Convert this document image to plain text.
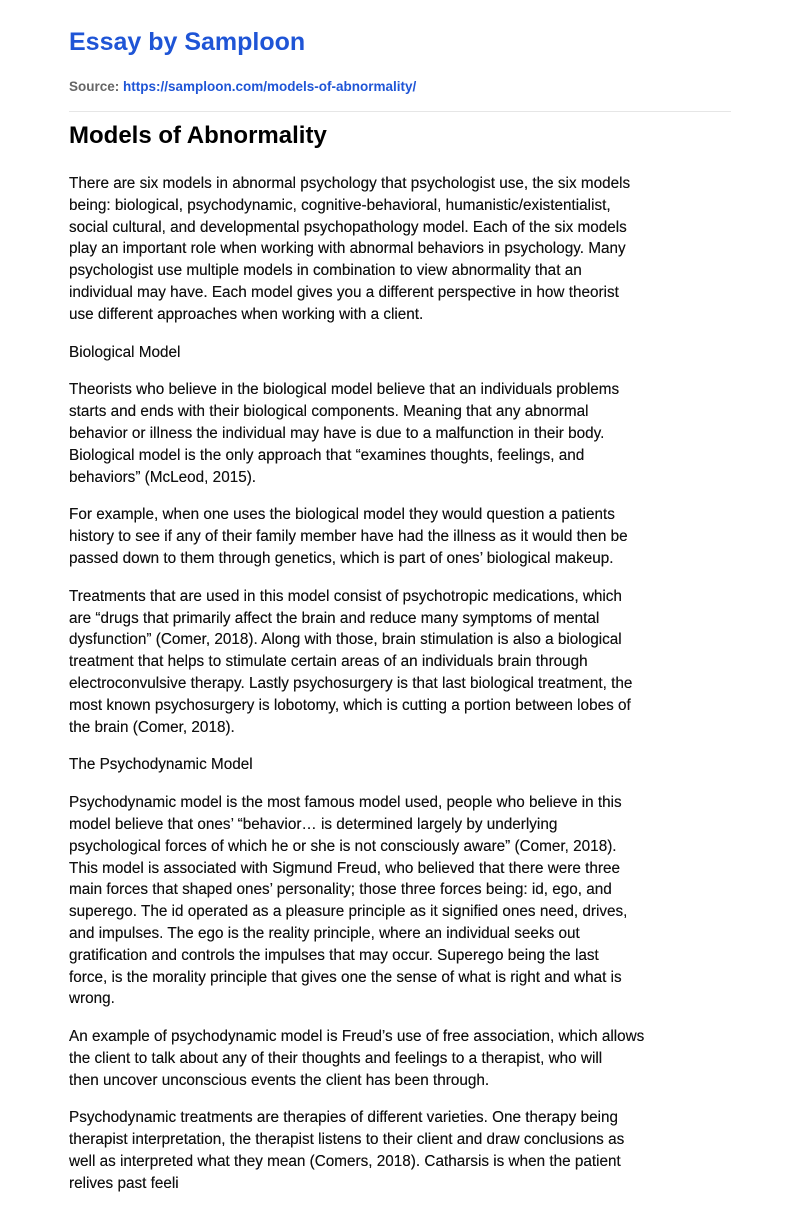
Essay by Samploon
Source: https://samploon.com/models-of-abnormality/
Models of Abnormality

There are six models in abnormal psychology that psychologist use, the six models
being: biological, psychodynamic, cognitive-behavioral, humanistic/existentialist,
social cultural, and developmental psychopathology model. Each of the six models
play an important role when working with abnormal behaviors in psychology. Many
psychologist use multiple models in combination to view abnormality that an
individual may have. Each model gives you a different perspective in how theorist
use different approaches when working with a client.

Biological Model

Theorists who believe in the biological model believe that an individuals problems
starts and ends with their biological components. Meaning that any abnormal
behavior or illness the individual may have is due to a malfunction in their body.
Biological model is the only approach that “examines thoughts, feelings, and
behaviors” (McLeod, 2015).

For example, when one uses the biological model they would question a patients
history to see if any of their family member have had the illness as it would then be
passed down to them through genetics, which is part of ones’ biological makeup.

Treatments that are used in this model consist of psychotropic medications, which
are “drugs that primarily affect the brain and reduce many symptoms of mental
dysfunction” (Comer, 2018). Along with those, brain stimulation is also a biological
treatment that helps to stimulate certain areas of an individuals brain through
electroconvulsive therapy. Lastly psychosurgery is that last biological treatment, the
most known psychosurgery is lobotomy, which is cutting a portion between lobes of
the brain (Comer, 2018).

The Psychodynamic Model

Psychodynamic model is the most famous model used, people who believe in this
model believe that ones’ “behavior… is determined largely by underlying
psychological forces of which he or she is not consciously aware” (Comer, 2018).
This model is associated with Sigmund Freud, who believed that there were three
main forces that shaped ones’ personality; those three forces being: id, ego, and
superego. The id operated as a pleasure principle as it signified ones need, drives,
and impulses. The ego is the reality principle, where an individual seeks out
gratification and controls the impulses that may occur. Superego being the last
force, is the morality principle that gives one the sense of what is right and what is
wrong.

An example of psychodynamic model is Freud’s use of free association, which allows
the client to talk about any of their thoughts and feelings to a therapist, who will
then uncover unconscious events the client has been through.

Psychodynamic treatments are therapies of different varieties. One therapy being
therapist interpretation, the therapist listens to their client and draw conclusions as
well as interpreted what they mean (Comers, 2018). Catharsis is when the patient
relives past feeli
